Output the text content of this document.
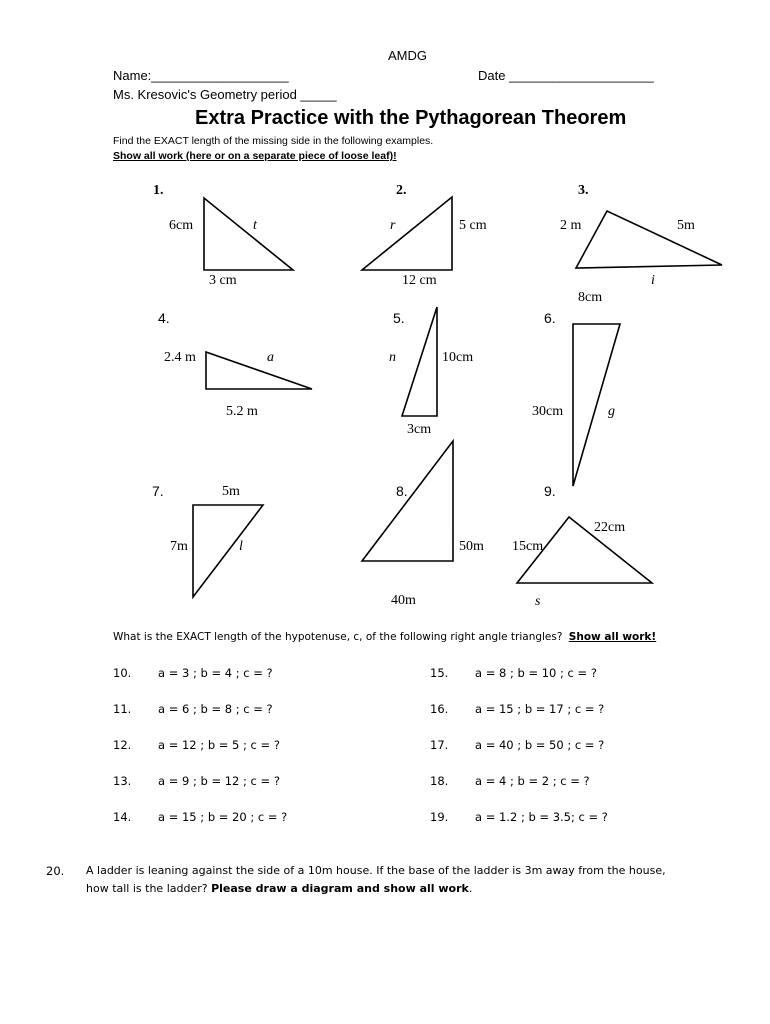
AMDG
Name:___________________	Date ____________________
Ms. Kresovic's Geometry period _____
Extra Practice with the Pythagorean Theorem
Find the EXACT length of the missing side in the following examples.
Show all work (here or on a separate piece of loose leaf)!
1.
6cm	t
3 cm
2.
r	5 cm
12 cm
3.
2 m	5m
i
8cm
4.
2.4 m	a
5.2 m
5.
n	10cm
3cm
6.
30cm	g
7.	5m
7m	l
8.
50m
40m
9.
22cm
15cm
s
What is the EXACT length of the hypotenuse, c, of the following right angle triangles? Show all work!
10. a = 3 ; b = 4 ; c = ?
11. a = 6 ; b = 8 ; c = ?
12. a = 12 ; b = 5 ; c = ?
13. a = 9 ; b = 12 ; c = ?
14. a = 15 ; b = 20 ; c = ?
15. a = 8 ; b = 10 ; c = ?
16. a = 15 ; b = 17 ; c = ?
17. a = 40 ; b = 50 ; c = ?
18. a = 4 ; b = 2 ; c = ?
19. a = 1.2 ; b = 3.5; c = ?
20. A ladder is leaning against the side of a 10m house. If the base of the ladder is 3m away from the house,
how tall is the ladder? Please draw a diagram and show all work.
